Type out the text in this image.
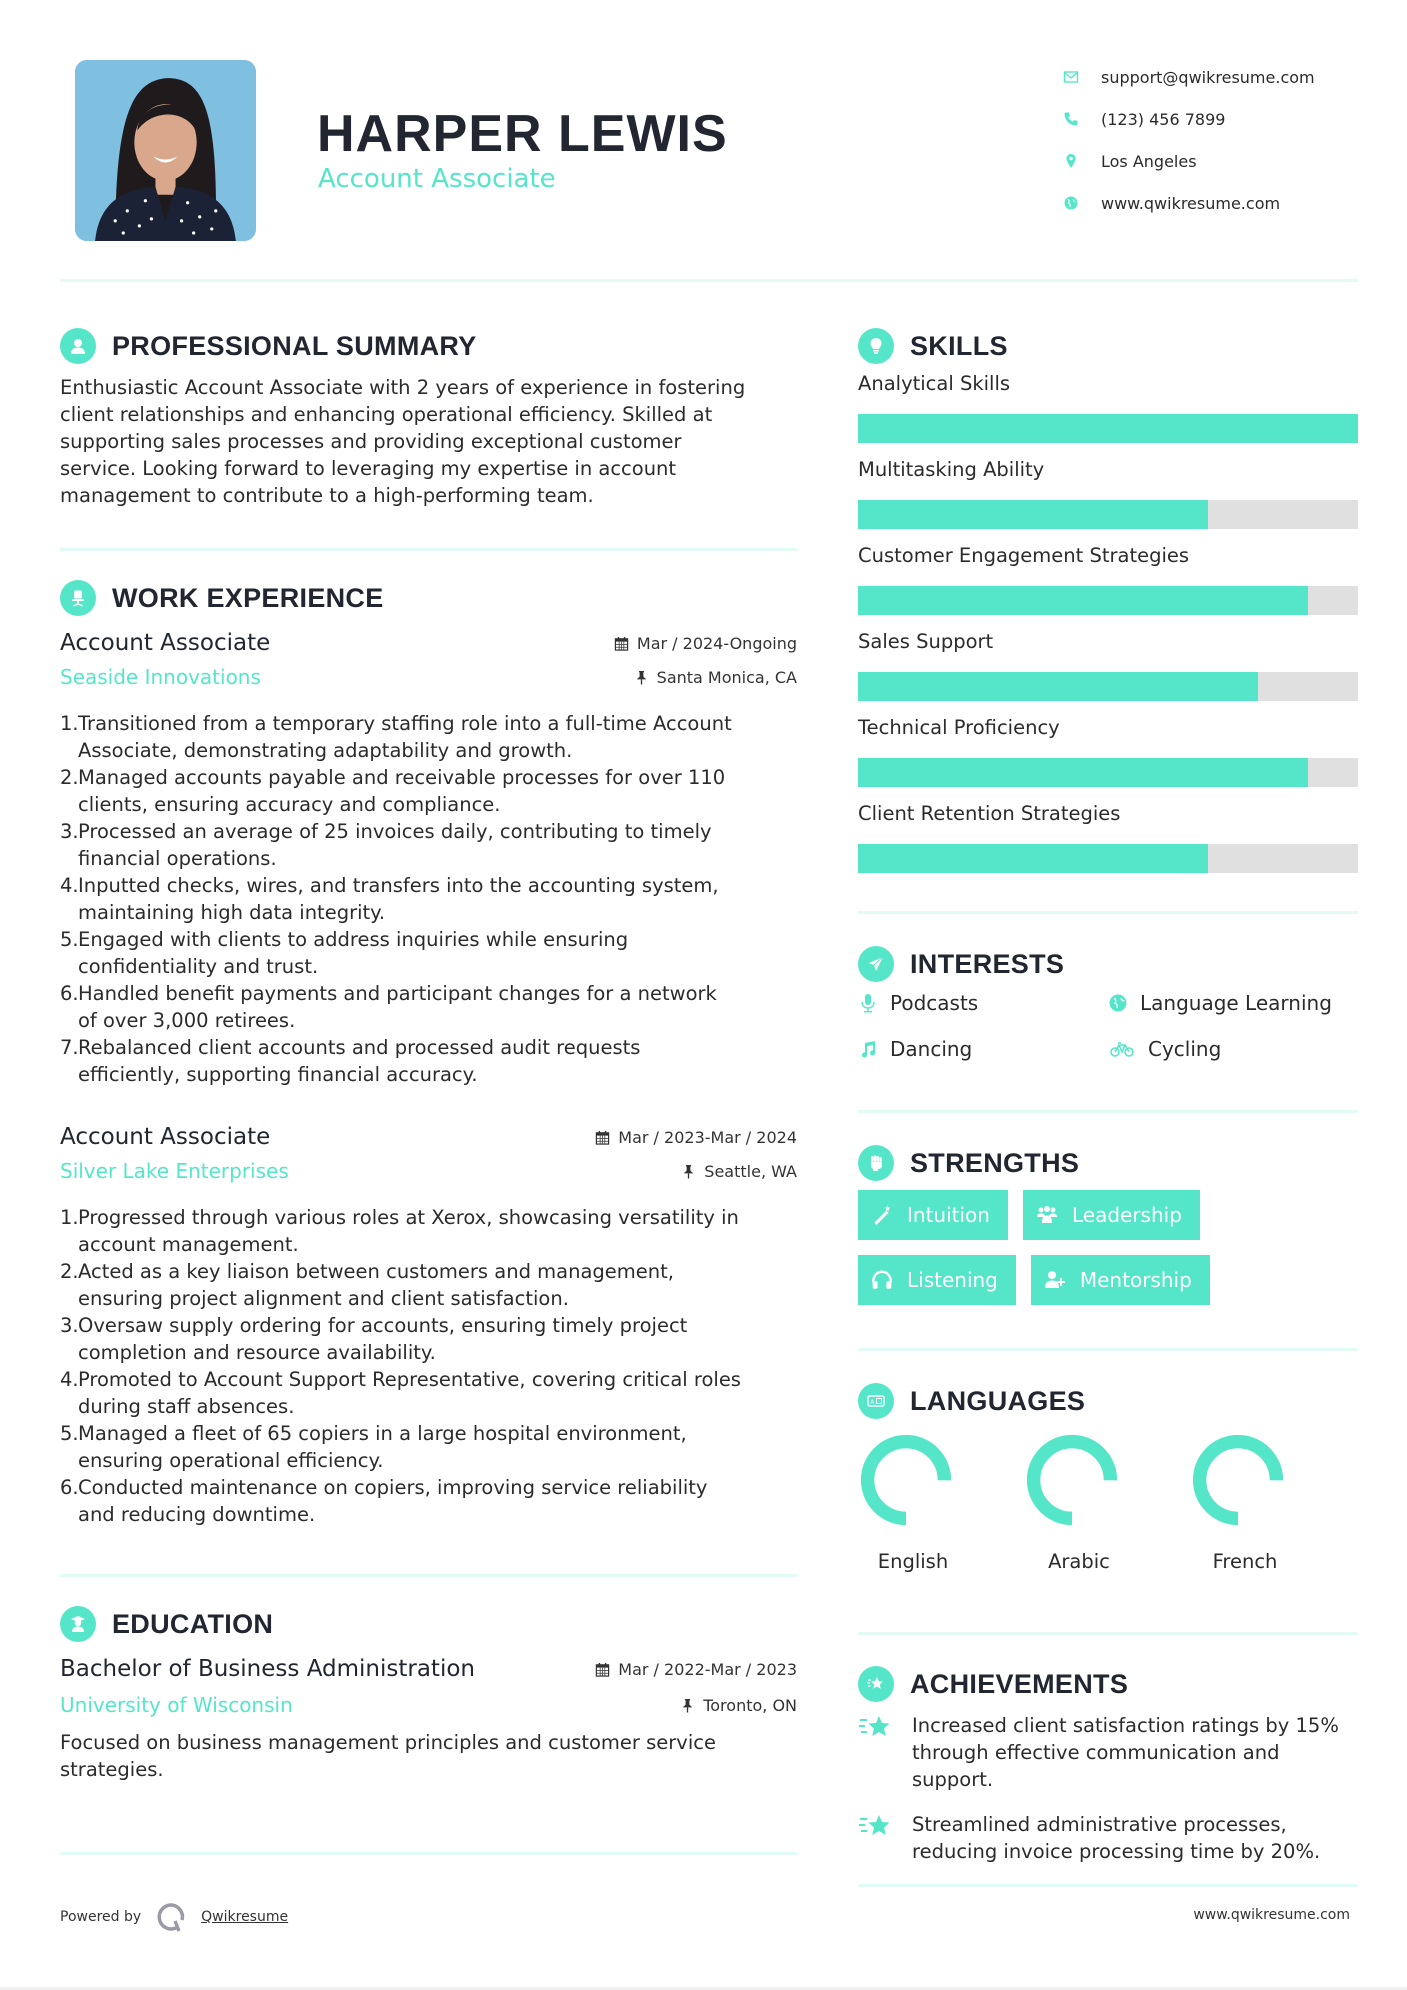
HARPER LEWIS
Account Associate
support@qwikresume.com
(123) 456 7899
Los Angeles
www.qwikresume.com
PROFESSIONAL SUMMARY
Enthusiastic Account Associate with 2 years of experience in fostering
client relationships and enhancing operational efficiency. Skilled at
supporting sales processes and providing exceptional customer
service. Looking forward to leveraging my expertise in account
management to contribute to a high-performing team.
WORK EXPERIENCE
Account Associate	Mar / 2024-Ongoing
Seaside Innovations	Santa Monica, CA
1. Transitioned from a temporary staffing role into a full-time Account
Associate, demonstrating adaptability and growth.
2. Managed accounts payable and receivable processes for over 110
clients, ensuring accuracy and compliance.
3. Processed an average of 25 invoices daily, contributing to timely
financial operations.
4. Inputted checks, wires, and transfers into the accounting system,
maintaining high data integrity.
5. Engaged with clients to address inquiries while ensuring
confidentiality and trust.
6. Handled benefit payments and participant changes for a network
of over 3,000 retirees.
7. Rebalanced client accounts and processed audit requests
efficiently, supporting financial accuracy.
Account Associate	Mar / 2023-Mar / 2024
Silver Lake Enterprises	Seattle, WA
1. Progressed through various roles at Xerox, showcasing versatility in
account management.
2. Acted as a key liaison between customers and management,
ensuring project alignment and client satisfaction.
3. Oversaw supply ordering for accounts, ensuring timely project
completion and resource availability.
4. Promoted to Account Support Representative, covering critical roles
during staff absences.
5. Managed a fleet of 65 copiers in a large hospital environment,
ensuring operational efficiency.
6. Conducted maintenance on copiers, improving service reliability
and reducing downtime.
EDUCATION
Bachelor of Business Administration	Mar / 2022-Mar / 2023
University of Wisconsin	Toronto, ON
Focused on business management principles and customer service
strategies.
SKILLS
Analytical Skills
Multitasking Ability
Customer Engagement Strategies
Sales Support
Technical Proficiency
Client Retention Strategies
INTERESTS
Podcasts	Language Learning
Dancing	Cycling
STRENGTHS
Intuition	Leadership
Listening	Mentorship
A LANGUAGES
English	Arabic	French
ACHIEVEMENTS
Increased client satisfaction ratings by 15%
through effective communication and
support.
Streamlined administrative processes,
reducing invoice processing time by 20%.
Powered by	Qwikresume	www.qwikresume.com
